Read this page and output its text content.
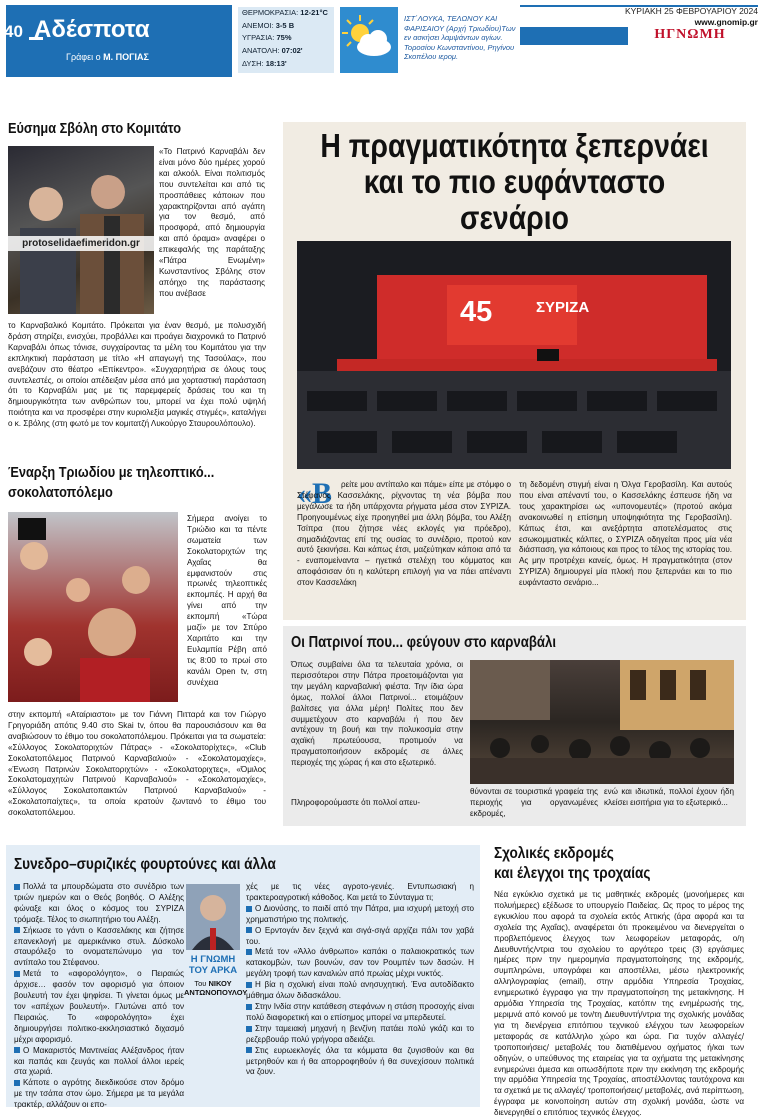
40 Αδέσποτα
Γράφει ο Μ. ΠΟΓΙΑΣ
ΘΕΡΜΟΚΡΑΣΙΑ: 12-21°C
ΑΝΕΜΟΙ: 3-5 Β
ΥΓΡΑΣΙΑ: 75%
ΑΝΑΤΟΛΗ: 07:02'
ΔΥΣΗ: 18:13'
ΙΣΤ΄ΛΟΥΚΑ, ΤΕΛΩΝΟΥ ΚΑΙ ΦΑΡΙΣΑΙΟΥ (Αρχή Τριωδίου)Των εν ασκήσει λαμψάντων αγίων. Τοροσίου Κωνσταντίνου, Ρηγίνου Σκοπέλου ιερομ.
ΚΥΡΙΑΚΗ 25 ΦΕΒΡΟΥΑΡΙΟΥ 2024
www.gnomip.gr
ΗΓΝΩΜΗ
Εύσημα Σβόλη στο Κομιτάτο
protoselidaefimeridon.gr

«Το Πατρινό Καρναβάλι δεν είναι μόνο δύο ημέρες χορού και αλκοόλ. Είναι πολιτισμός που συντελείται και από τις προσπάθειες κάποιων που χαρακτηρίζονται από αγάπη για τον θεσμό, από προσφορά, από δημιουργία και από όραμα» αναφέρει ο επικεφαλής της παράταξης «Πάτρα Ενωμένη» Κωνσταντίνος Σβόλης στον απόηχο της παράστασης που ανέβασε

το Καρναβαλικό Κομιτάτο. Πρόκειται για έναν θεσμό, με πολυσχιδή δράση στηρίζει, ενισχύει, προβάλλει και προάγει διαχρονικά το Πατρινό Καρναβάλι όπως τόνισε, συγχαίροντας τα μέλη του Κομιτάτου για την εκπληκτική παράσταση με τίτλο «Η απαγωγή της Τασούλας», που ανεβάζουν στο θέατρο «Επίκεντρο». «Συγχαρητήρια σε όλους τους συντελεστές, οι οποίοι απέδειξαν μέσα από μια χορταστική παράσταση ότι το Καρναβάλι μας με τις παρεμφερείς δράσεις του και τη δημιουργικότητα των ανθρώπων του, μπορεί να έχει πολύ υψηλή ποιότητα και να προσφέρει στην κυριολεξία μαγικές στιγμές», καταλήγει ο κ. Σβόλης (στη φωτό με τον κομιτατζή Λυκούργο Σταυρουλόπουλο).

Έναρξη Τριωδίου με τηλεοπτικό...
σοκολατοπόλεμο

Σήμερα ανοίγει το Τριώδιο και τα πέντε σωματεία των Σοκολατοριχτών της Αχαΐας θα εμφανιστούν στις πρωινές τηλεοπτικές εκπομπές. Η αρχή θα γίνει από την εκπομπή «Τώρα μαζί» με τον Σπύρο Χαριτάτο και την Ευλαμπία Ρέβη από τις 8:00 το πρωί στο κανάλι Open tv, στη συνέχεια

στην εκπομπή «Αταίριαστοι» με τον Γιάννη Πιτταρά και τον Γιώργο Γρηγοριάδη απότις 9.40 στο Skai tv, όπου θα παρουσιάσουν και θα αναβιώσουν το έθιμο του σοκολατοπόλεμου. Πρόκειται για τα σωματεία: «Σύλλογος Σοκολατοριχτών Πάτρας» - «Σοκολατορίχτες», «Club Σοκολατοπόλεμος Πατρινού Καρναβαλιού» - «Σοκολατομαχίες», «Ένωση Πατρινών Σοκολατοριχτών» - «Σοκολατοριχτες», «Όμιλος Σοκολατομαχητών Πατρινού Καρναβαλιού» - «Σοκολατομαχίες», «Σύλλογος Σοκολατοπαικτών Πατρινού Καρναβαλιού» - «Σοκολατοπαίχτες», τα οποία κρατούν ζωντανό το έθιμο του σοκολατοπόλεμου.

Η πραγματικότητα ξεπερνάει και το πιο ευφάνταστο σενάριο
45	ΣΥΡΙΖΑ
«Β	ρείτε μου αντίπαλο και πάμε» είπε με στόμφο ο Στέφανος Κασσελάκης, ρίχνοντας τη νέα βόμβα που μεγάλωσε τα ήδη υπάρχοντα ρήγματα μέσα στον ΣΥΡΙΖΑ. Προηγουμένως είχε προηγηθεί μια άλλη βόμβα, του Αλέξη Τσίπρα (που ζήτησε νέες εκλογές για πρόεδρο), σημαδιάζοντας επί της ουσίας το συνέδριο, προτού καν αυτό ξεκινήσει. Και κάπως έτσι, μαζεύτηκαν κάποια από τα - εναπομείναντα – ηγετικά στελέχη του κόμματος και αποφάσισαν ότι η καλύτερη επιλογή για να πάει απέναντι στον Κασσελάκη

τη δεδομένη στιγμή είναι η Όλγα Γεροβασίλη. Και αυτούς που είναι απέναντί του, ο Κασσελάκης έσπευσε ήδη να τους χαρακτηρίσει ως «υπονομευτές» (προτού ακόμα ανακοινωθεί η επίσημη υποψηφιότητα της Γεροβασίλη). Κάπως έτσι, και ανεξάρτητα αποτελέσματος στις εσωκομματικές κάλπες, ο ΣΥΡΙΖΑ οδηγείται προς μία νέα διάσπαση, για κάποιους και προς το τέλος της ιστορίας του. Ας μην προτρέχει κανείς, όμως. Η πραγματικότητα (στον ΣΥΡΙΖΑ) δημιουργεί μία πλοκή που ξεπερνάει και το πιο ευφάνταστο σενάριο...

Οι Πατρινοί που... φεύγουν στο καρναβάλι

Όπως συμβαίνει όλα τα τελευταία χρόνια, οι περισσότεροι στην Πάτρα προετοιμάζονται για την μεγάλη καρναβαλική φιέστα. Την ίδια ώρα όμως, πολλοί άλλοι Πατρινοί... ετοιμάζουν βαλίτσες για άλλα μέρη! Πολίτες που δεν συμμετέχουν στο καρναβάλι ή που δεν αντέχουν τη βουή και την πολυκοσμία στην αχαϊκή πρωτεύουσα, προτιμούν να πραγματοποιήσουν εκδρομές σε άλλες περιοχές της χώρας ή και στο εξωτερικό.

Πληροφορούμαστε ότι πολλοί απευ-

θύνονται σε τουριστικά γραφεία της περιοχής για οργανωμένες εκδρομές,

ενώ και ιδιωτικά, πολλοί έχουν ήδη κλείσει εισιτήρια για το εξωτερικό...

Συνεδρο–συριζικές φουρτούνες και άλλα

Πολλά τα μπουρδώματα στο συνέδριο των τριών ημερών και ο Θεός βοηθός. Ο Αλέξης φώναξε και όλος ο κόσμος του ΣΥΡΙΖΑ τρόμαξε. Τέλος το σιωπητήριο του Αλέξη.

Σήκωσε το γάντι ο Κασσελάκης και ζήτησε επανεκλογή με αμερικάνικο στυλ. Δύσκολο σταυρόλεξο το ονοματεπώνυμο για τον αντίπαλο του Στέφανου.

Μετά το «αφορολόγητο», ο Πειραιώς άρχισε… φασόν τον αφορισμό για όποιον βουλευτή τον έχει ψηφίσει. Τι γίνεται όμως με τον «απέχων βουλευτή». Γλυτώνει από τον Πειραιώς. Το «αφορολόγητο» έχει δημιουργήσει πολιτικο-εκκλησιαστικό διχασμό μέχρι αφορισμό.

Ο Μακαριστός Μαντινείας Αλέξανδρος ήταν και παπάς και ζευγάς και πολλοί άλλοι ιερείς στα χωριά.

Κάποτε ο αγρότης διεκδικούσε στον δρόμο με την τσάπα στον ώμο. Σήμερα με τα μεγάλα τρακτέρ, αλλάζουν οι επο-

Η ΓΝΩΜΗ
ΤΟΥ ΑΡΚΑ
Του ΝΙΚΟΥ
ΑΝΤΩΝΟΠΟΥΛΟΥ

χές με τις νέες αγροτο-γενιές. Εντυπωσιακή η τρακτεροαγροτική κάθοδος. Και μετά το Σύνταγμα τι;

Ο Διονύσης, το παιδί από την Πάτρα, μια ισχυρή μετοχή στο χρηματιστήριο της πολιτικής.

Ο Ερντογάν δεν ξεχνά και σιγά-σιγά αρχίζει πάλι τον χαβά του.

Μετά τον «Άλλο άνθρωπο» καπάκι ο παλαιοκρατικός των κατακομβών, των βουνών, σαν τον Ρουμπέν των δασών. Η μεγάλη τροφή των καναλιών από πρωίας μέχρι νυκτός.

Η βία η σχολική είναι πολύ ανησυχητική. Ένα αυτοδίδακτο μάθημα όλων διδασκάλου.

Στην Ινδία στην κατάθεση στεφάνων η στάση προσοχής είναι πολύ διαφορετική και ο επίσημος μπορεί να μπερδευτεί.

Στην ταμειακή μηχανή η βενζίνη πατάει πολύ γκάζι και το ρεζερβουάρ πολύ γρήγορα αδειάζει.

Στις ευρωεκλογές όλα τα κόμματα θα ζυγισθούν και θα μετρηθούν και ή θα απορροφηθούν ή θα συνεχίσουν πολιτικά να ζουν.

Σχολικές εκδρομές
και έλεγχοι της τροχαίας

Νέα εγκύκλιο σχετικά με τις μαθητικές εκδρομές (μονοήμερες και πολυήμερες) εξέδωσε το υπουργείο Παιδείας. Ως προς το μέρος της εγκυκλίου που αφορά τα σχολεία εκτός Αττικής (άρα αφορά και τα σχολεία της Αχαΐας), αναφέρεται ότι προκειμένου να διενεργείται ο προβλεπόμενος έλεγχος των λεωφορείων μεταφοράς, ο/η Διευθυντής/ντρια του σχολείου το αργότερο τρεις (3) εργάσιμες ημέρες πριν την ημερομηνία πραγματοποίησης της εκδρομής, συμπληρώνει, υπογράφει και αποστέλλει, μέσω ηλεκτρονικής αλληλογραφίας (email), στην αρμόδια Υπηρεσία Τροχαίας, ενημερωτικό έγγραφο για την πραγματοποίηση της μετακίνησης. Η αρμόδια Υπηρεσία της Τροχαίας, κατόπιν της ενημέρωσής της, μεριμνά από κοινού με τον/τη Διευθυντή/ντρια της σχολικής μονάδας για τη διενέργεια επιτόπιου τεχνικού ελέγχου των λεωφορείων μεταφοράς σε κατάλληλο χώρο και ώρα. Για τυχόν αλλαγές/ τροποποιήσεις/ μεταβολές του διατιθέμενου οχήματος ή/και των οδηγών, ο υπεύθυνος της εταιρείας για τα οχήματα της μετακίνησης ενημερώνει άμεσα και οπωσδήποτε πριν την εκκίνηση της εκδρομής την αρμόδια Υπηρεσία της Τροχαίας, αποστέλλοντας ταυτόχρονα και τα σχετικά με τις αλλαγές/ τροποποιήσεις/ μεταβολές, ανά περίπτωση, έγγραφα με κοινοποίηση αυτών στη σχολική μονάδα, ώστε να διενεργηθεί ο επιτόπιος τεχνικός έλεγχος.
